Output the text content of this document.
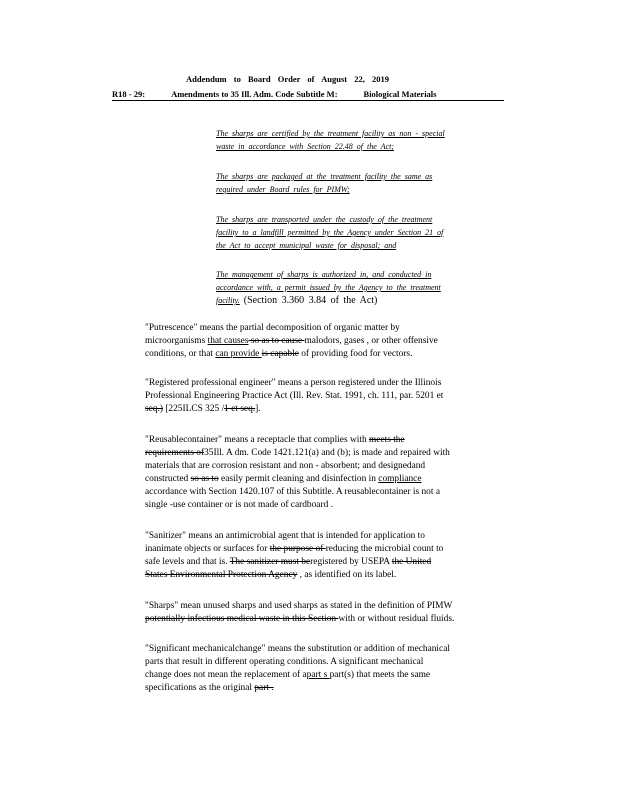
Addendum to Board Order of August 22, 2019
R18 - 29:	Amendments to 35 Ill. Adm. Code Subtitle M:	Biological Materials
The sharps are certified by the treatment facility as non - special
waste in accordance with Section 22.48 of the Act;
The sharps are packaged at the treatment facility the same as
required under Board rules for PIMW;
The sharps are transported under the custody of the treatment
facility to a landfill permitted by the Agency under Section 21 of
the Act to accept municipal waste for disposal; and
The management of sharps is authorized in, and conducted in
accordance with, a permit issued by the Agency to the treatment
facility. (Section 3.360 3.84 of the Act)
"Putrescence" means the partial decomposition of organic matter by
microorganisms that causes so as to cause malodors, gases , or other offensive
conditions, or that can provide is capable of providing food for vectors.
"Registered professional engineer" means a person registered under the Illinois
Professional Engineering Practice Act (Ill. Rev. Stat. 1991, ch. 111, par. 5201 et
seq.) [225ILCS 325 /1 et seq.].
"Reusablecontainer" means a receptacle that complies with meets the
requirements of35Ill. A dm. Code 1421.121(a) and (b); is made and repaired with
materials that are corrosion resistant and non - absorbent; and designedand
constructed so as to easily permit cleaning and disinfection in compliance
accordance with Section 1420.107 of this Subtitle. A reusablecontainer is not a
single -use container or is not made of cardboard .
"Sanitizer" means an antimicrobial agent that is intended for application to
inanimate objects or surfaces for the purpose of reducing the microbial count to
safe levels and that is. The sanitizer must beregistered by USEPA the United
States Environmental Protection Agency , as identified on its label.
"Sharps" mean unused sharps and used sharps as stated in the definition of PIMW
potentially infectious medical waste in this Section with or without residual fluids.
"Significant mechanicalchange" means the substitution or addition of mechanical
parts that result in different operating conditions. A significant mechanical
change does not mean the replacement of apart s part(s) that meets the same
specifications as the original part .
